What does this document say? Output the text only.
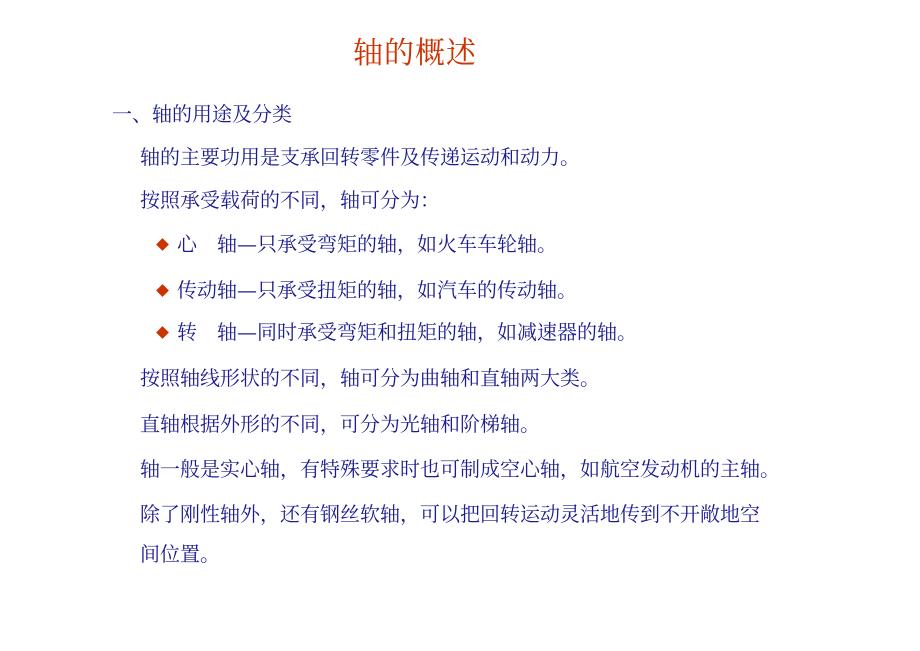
轴的概述
一、轴的用途及分类
轴的主要功用是支承回转零件及传递运动和动力。
按照承受载荷的不同，轴可分为：
心　轴—只承受弯矩的轴，如火车车轮轴。
传动轴—只承受扭矩的轴，如汽车的传动轴。
转　轴—同时承受弯矩和扭矩的轴，如减速器的轴。
按照轴线形状的不同，轴可分为曲轴和直轴两大类。
直轴根据外形的不同，可分为光轴和阶梯轴。
轴一般是实心轴，有特殊要求时也可制成空心轴，如航空发动机的主轴。
除了刚性轴外，还有钢丝软轴，可以把回转运动灵活地传到不开敞地空
间位置。
